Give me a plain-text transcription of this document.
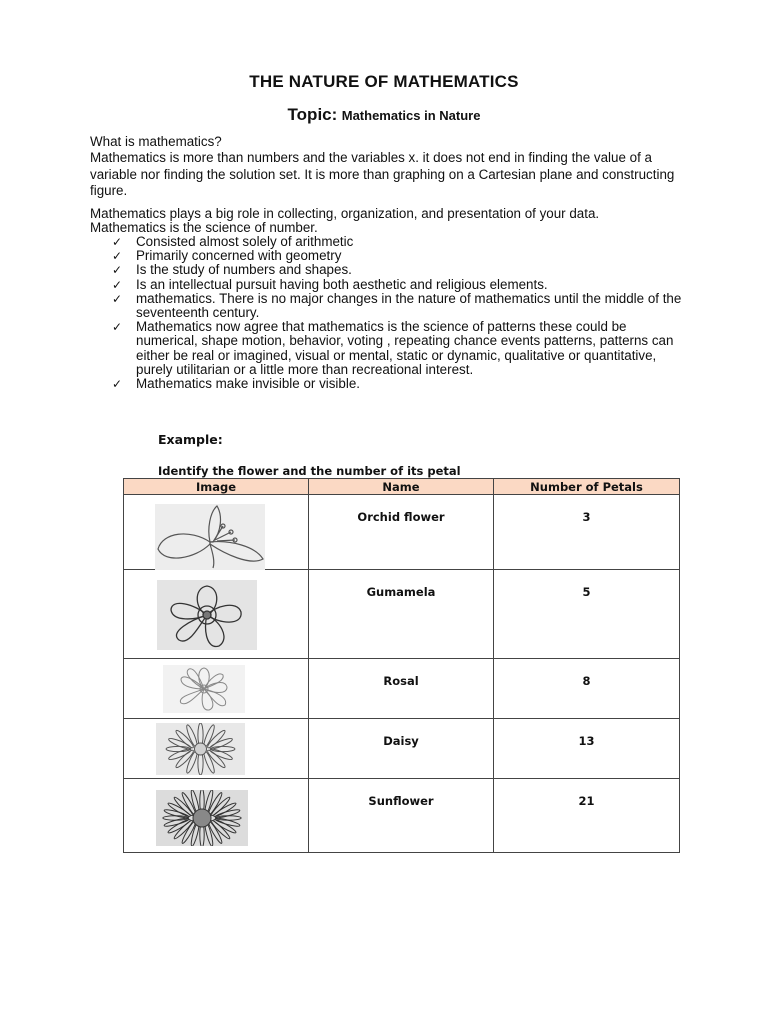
THE NATURE OF MATHEMATICS
Topic: Mathematics in Nature
What is mathematics?
Mathematics is more than numbers and the variables x. it does not end in finding the value of a variable nor finding the solution set. It is more than graphing on a Cartesian plane and constructing figure.
Mathematics plays a big role in collecting, organization, and presentation of your data.
Mathematics is the science of number.
✓ Consisted almost solely of arithmetic
✓ Primarily concerned with geometry
✓ Is the study of numbers and shapes.
✓ Is an intellectual pursuit having both aesthetic and religious elements.
✓ mathematics. There is no major changes in the nature of mathematics until the middle of the seventeenth century.
✓ Mathematics now agree that mathematics is the science of patterns these could be numerical, shape motion, behavior, voting , repeating chance events patterns, patterns can either be real or imagined, visual or mental, static or dynamic, qualitative or quantitative, purely utilitarian or a little more than recreational interest.
✓ Mathematics make invisible or visible.
Example:
Identify the flower and the number of its petal
Image	Name	Number of Petals

Orchid flower	3

Gumamela	5

Rosal	8

Daisy	13

Sunflower	21
